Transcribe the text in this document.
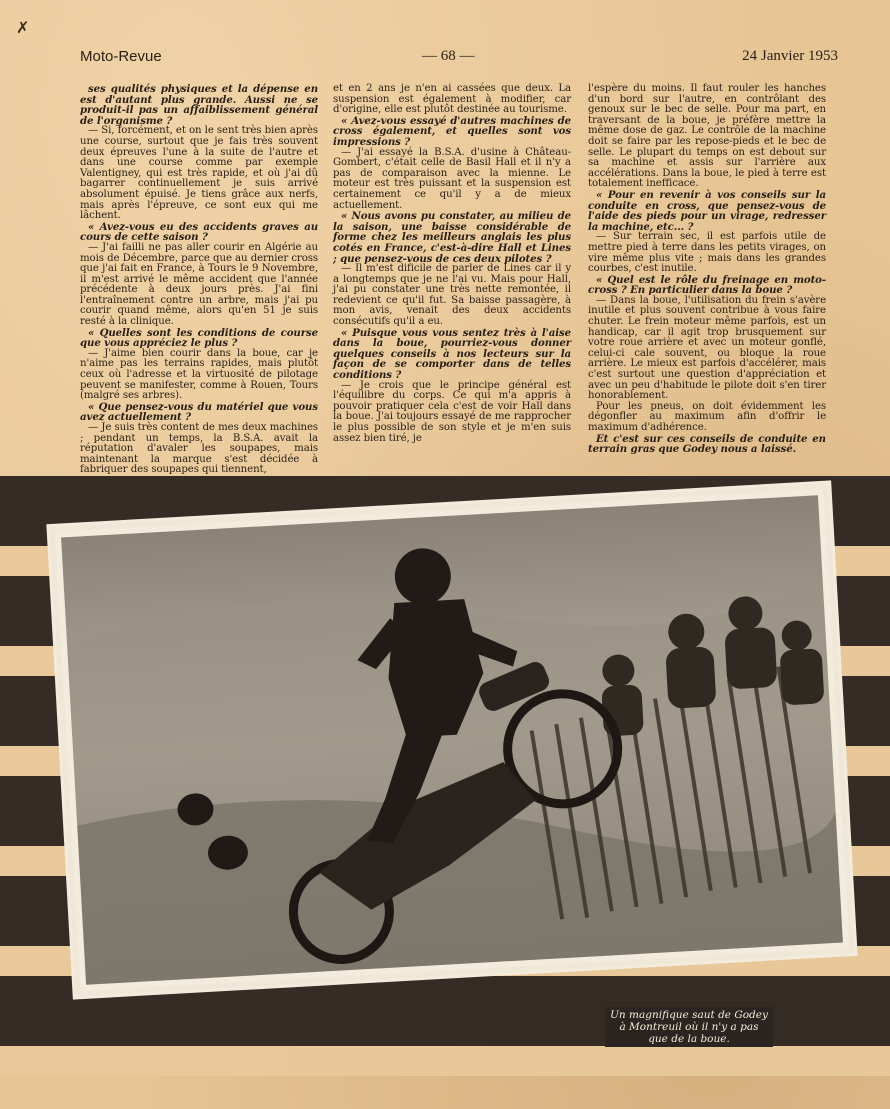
✗
Moto-Revue	— 68 —	24 Janvier 1953

ses qualités physiques et la dépense en est d'autant plus grande. Aussi ne se produit-il pas un affaiblissement général de l'organisme ?

— Si, forcément, et on le sent très bien après une course, surtout que je fais très souvent deux épreuves l'une à la suite de l'autre et dans une course comme par exemple Valentigney, qui est très rapide, et où j'ai dû bagarrer continuellement je suis arrivé absolument épuisé. Je tiens grâce aux nerfs, mais après l'épreuve, ce sont eux qui me lâchent.

« Avez-vous eu des accidents graves au cours de cette saison ?

— J'ai failli ne pas aller courir en Algérie au mois de Décembre, parce que au dernier cross que j'ai fait en France, à Tours le 9 Novembre, il m'est arrivé le même accident que l'année précédente à deux jours près. J'ai fini l'entraînement contre un arbre, mais j'ai pu courir quand même, alors qu'en 51 je suis resté à la clinique.

« Quelles sont les conditions de course que vous appréciez le plus ?

— J'aime bien courir dans la boue, car je n'aime pas les terrains rapides, mais plutôt ceux où l'adresse et la virtuosité de pilotage peuvent se manifester, comme à Rouen, Tours (malgré ses arbres).

« Que pensez-vous du matériel que vous avez actuellement ?

— Je suis très content de mes deux machines ; pendant un temps, la B.S.A. avait la réputation d'avaler les soupapes, mais maintenant la marque s'est décidée à fabriquer des soupapes qui tiennent,

et en 2 ans je n'en ai cassées que deux. La suspension est également à modifier, car d'origine, elle est plutôt destinée au tourisme.

« Avez-vous essayé d'autres machines de cross également, et quelles sont vos impressions ?

— J'ai essayé la B.S.A. d'usine à Château-Gombert, c'était celle de Basil Hall et il n'y a pas de comparaison avec la mienne. Le moteur est très puissant et la suspension est certainement ce qu'il y a de mieux actuellement.

« Nous avons pu constater, au milieu de la saison, une baisse considérable de forme chez les meilleurs anglais les plus cotés en France, c'est-à-dire Hall et Lines ; que pensez-vous de ces deux pilotes ?

— Il m'est dificile de parler de Lines car il y a longtemps que je ne l'ai vu. Mais pour Hall, j'ai pu constater une très nette remontée, il redevient ce qu'il fut. Sa baisse passagère, à mon avis, venait des deux accidents consécutifs qu'il a eu.

« Puisque vous vous sentez très à l'aise dans la boue, pourriez-vous donner quelques conseils à nos lecteurs sur la façon de se comporter dans de telles conditions ?

— Je crois que le principe général est l'équilibre du corps. Ce qui m'a appris à pouvoir pratiquer cela c'est de voir Hall dans la boue. J'ai toujours essayé de me rapprocher le plus possible de son style et je m'en suis assez bien tiré, je

l'espère du moins. Il faut rouler les hanches d'un bord sur l'autre, en contrôlant des genoux sur le bec de selle. Pour ma part, en traversant de la boue, je préfère mettre la même dose de gaz. Le contrôle de la machine doit se faire par les repose-pieds et le bec de selle. Le plupart du temps on est debout sur sa machine et assis sur l'arrière aux accélérations. Dans la boue, le pied à terre est totalement inefficace.

« Pour en revenir à vos conseils sur la conduite en cross, que pensez-vous de l'aide des pieds pour un virage, redresser la machine, etc... ?

— Sur terrain sec, il est parfois utile de mettre pied à terre dans les petits virages, on vire même plus vite ; mais dans les grandes courbes, c'est inutile.

« Quel est le rôle du freinage en moto-cross ? En particulier dans la boue ?

— Dans la boue, l'utilisation du frein s'avère inutile et plus souvent contribue à vous faire chuter. Le frein moteur même parfois, est un handicap, car il agit trop brusquement sur votre roue arrière et avec un moteur gonflé, celui-ci cale souvent, ou bloque la roue arrière. Le mieux est parfois d'accélérer, mais c'est surtout une question d'appréciation et avec un peu d'habitude le pilote doit s'en tirer honorablement.

Pour les pneus, on doit évidemment les dégonfler au maximum afin d'offrir le maximum d'adhérence.

Et c'est sur ces conseils de conduite en terrain gras que Godey nous a laissé.

Un magnifique saut de Godey à Montreuil où il n'y a pas que de la boue.
